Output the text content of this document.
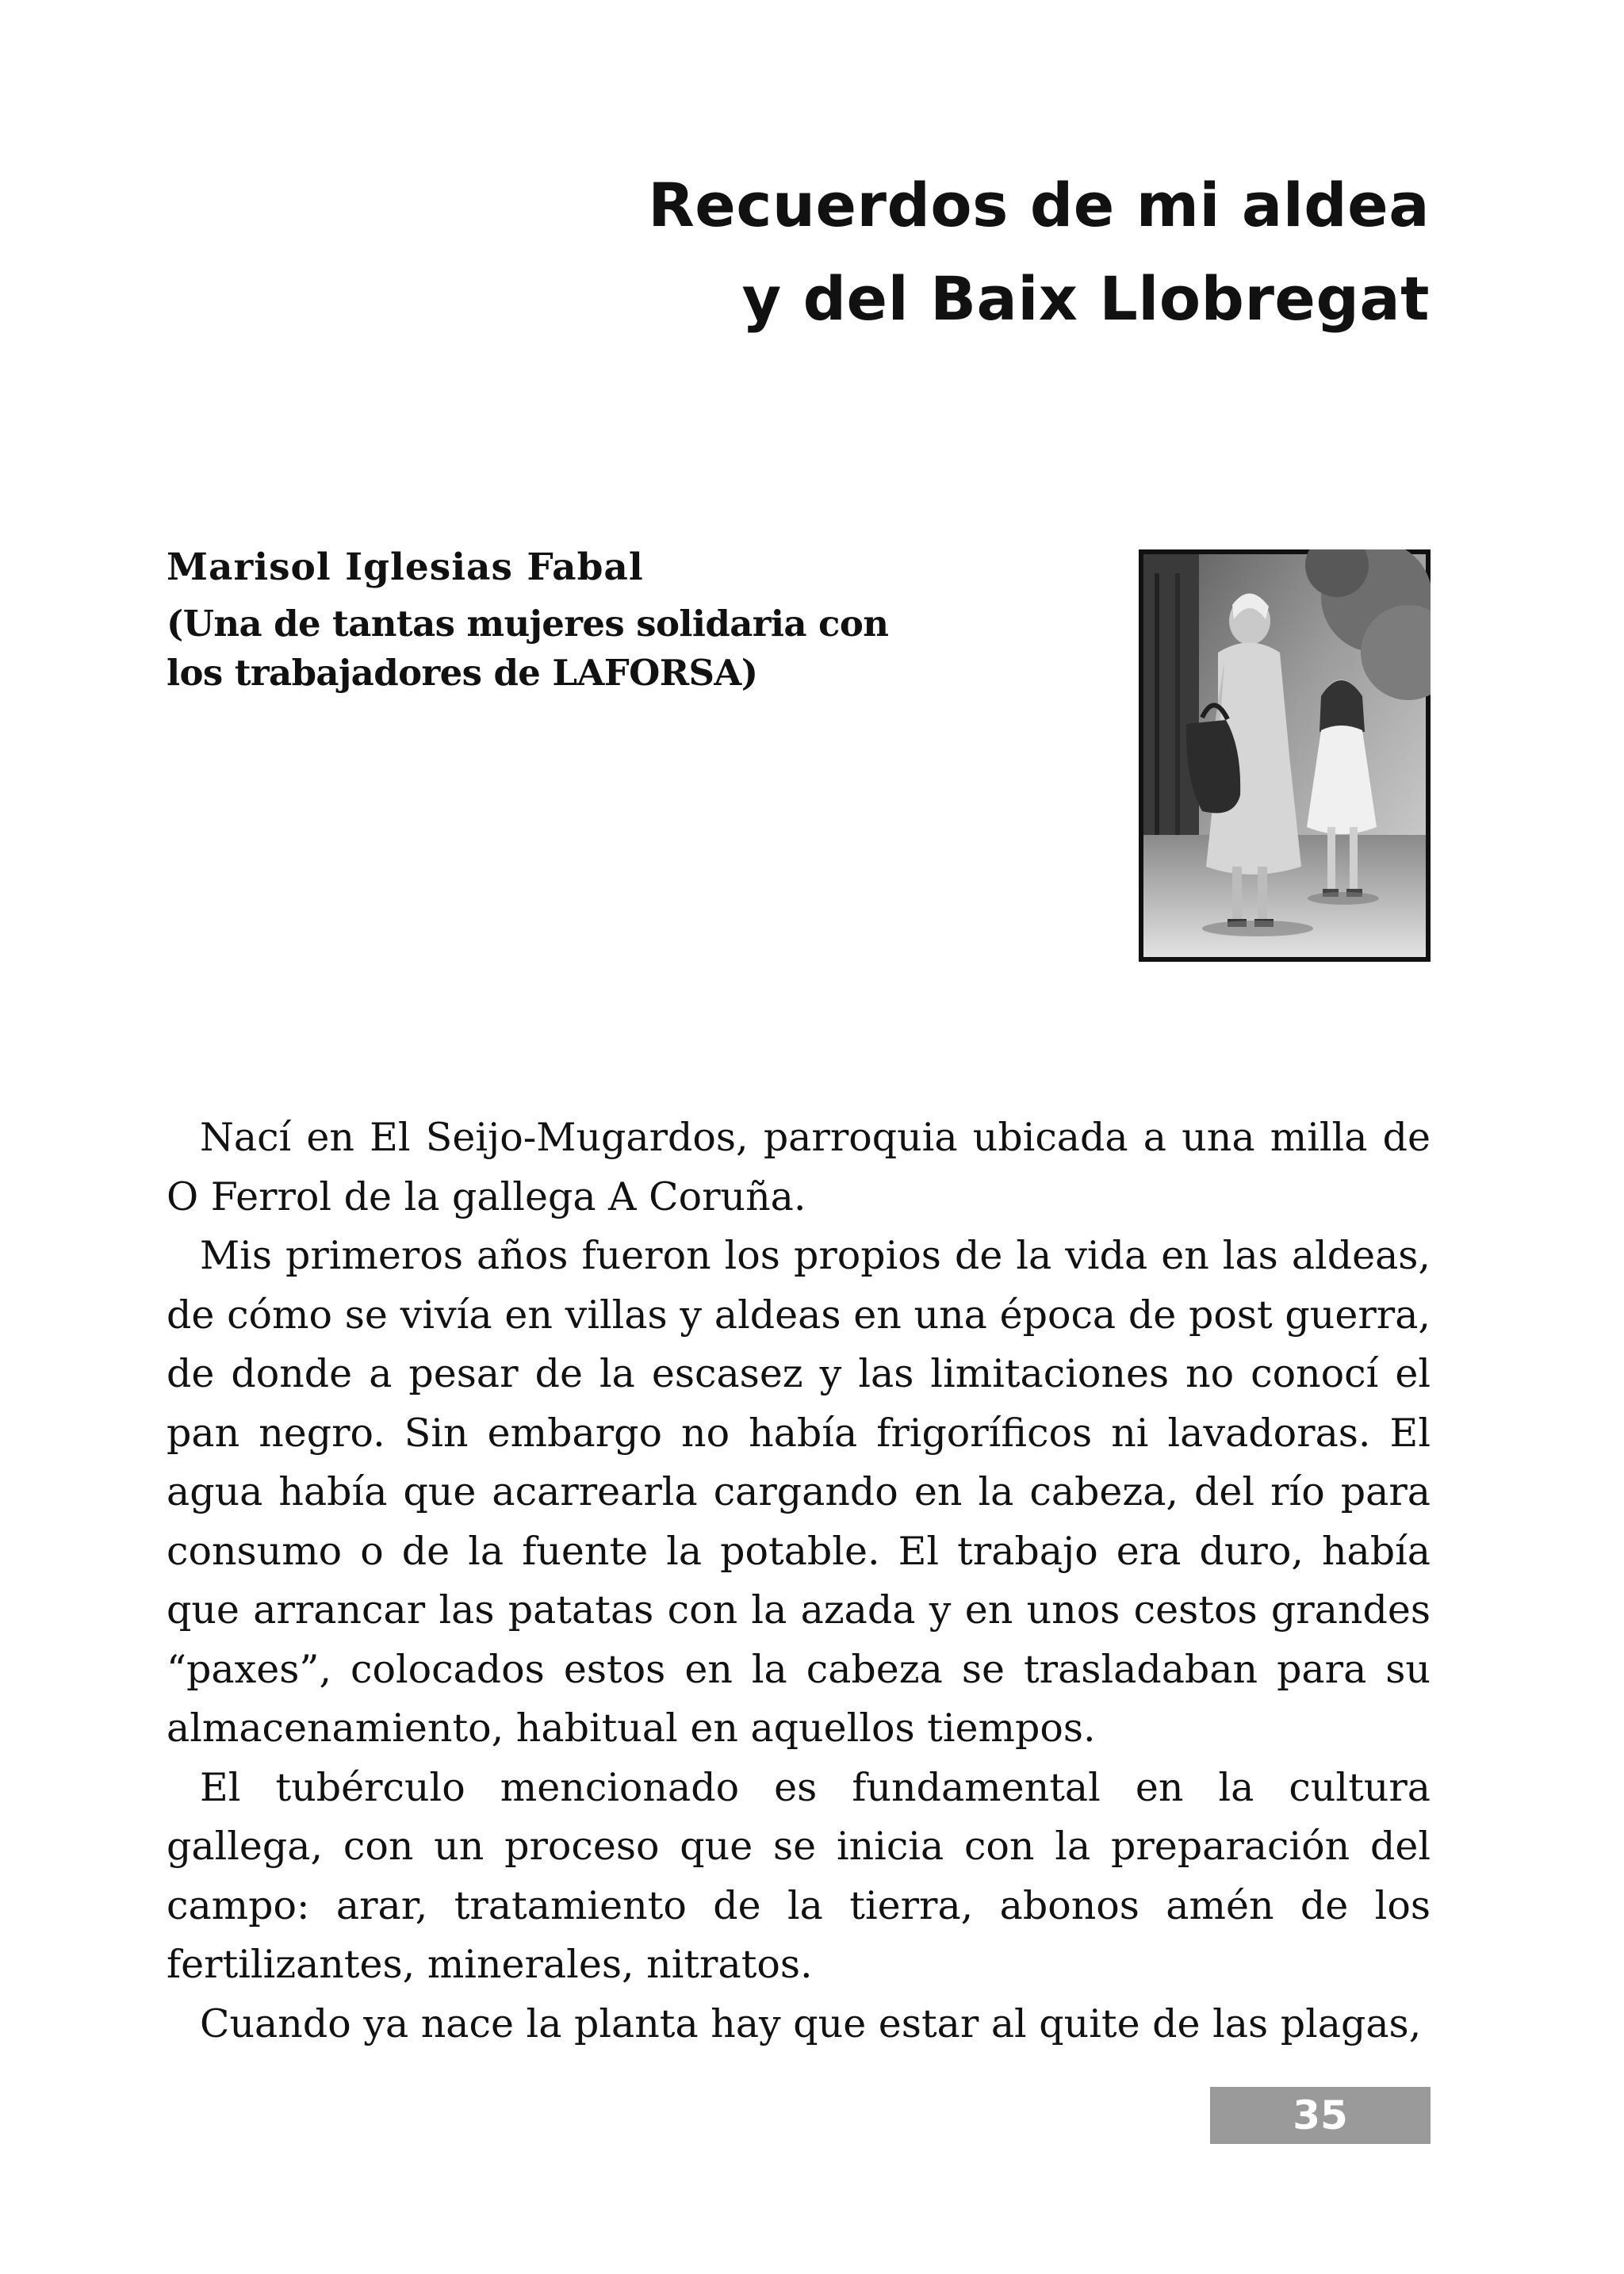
Recuerdos de mi aldea
y del Baix Llobregat

Marisol Iglesias Fabal

(Una de tantas mujeres solidaria con
los trabajadores de LAFORSA)

Nací en El Seijo-Mugardos, parroquia ubicada a una milla de O Ferrol de la gallega A Coruña.

Mis primeros años fueron los propios de la vida en las aldeas, de cómo se vivía en villas y aldeas en una época de post guerra, de donde a pesar de la escasez y las limitaciones no conocí el pan negro. Sin embargo no había frigoríficos ni lavadoras. El agua había que acarrearla cargando en la cabeza, del río para consumo o de la fuente la potable. El trabajo era duro, había que arrancar las patatas con la azada y en unos cestos grandes “paxes”, colocados estos en la cabeza se trasladaban para su almacenamiento, habitual en aquellos tiempos.

El tubérculo mencionado es fundamental en la cultura gallega, con un proceso que se inicia con la preparación del campo: arar, tratamiento de la tierra, abonos amén de los fertilizantes, minerales, nitratos.

Cuando ya nace la planta hay que estar al quite de las plagas,

35
